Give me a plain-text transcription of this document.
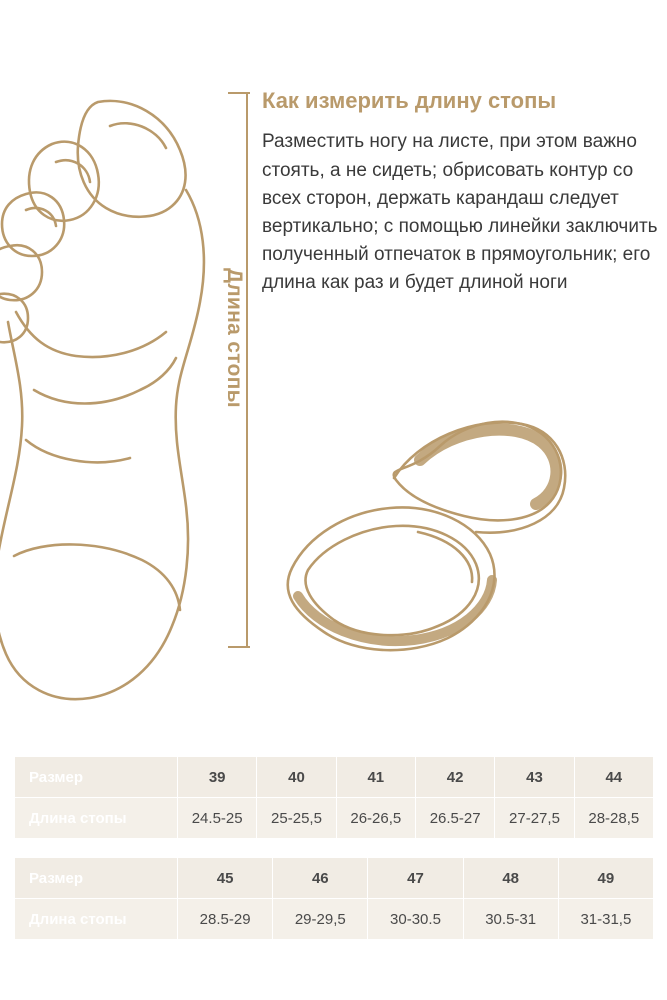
Длина стопы
Как измерить длину стопы

Разместить ногу на листе, при этом важно стоять, а не сидеть; обрисовать контур со всех сторон, держать карандаш следует вертикально; с помощью линейки заключить полученный отпечаток в прямоугольник; его длина как раз и будет длиной ноги

Размер	39	40	41	42	43	44
Длина стопы	24.5-25	25-25,5	26-26,5	26.5-27	27-27,5	28-28,5
Размер	45	46	47	48	49
Длина стопы	28.5-29	29-29,5	30-30.5	30.5-31	31-31,5
